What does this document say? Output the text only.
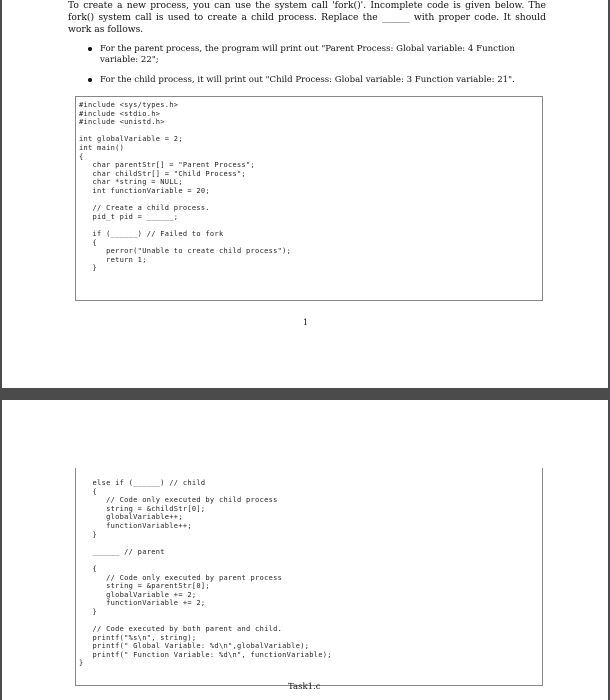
To create a new process, you can use the system call 'fork()'. Incomplete code is given below. The fork() system call is used to create a child process. Replace the ______ with proper code. It should work as follows.
For the parent process, the program will print out "Parent Process: Global variable: 4 Function variable: 22";
For the child process, it will print out "Child Process: Global variable: 3 Function variable: 21".
#include <sys/types.h>
#include <stdio.h>
#include <unistd.h>

int globalVariable = 2;
int main()
{
char parentStr[] = "Parent Process";
char childStr[] = "Child Process";
char *string = NULL;
int functionVariable = 20;

// Create a child process.
pid_t pid = ______;

if (______) // Failed to fork
{
perror("Unable to create child process");
return 1;
}
1
else if (______) // child
{
// Code only executed by child process
string = &childStr[0];
globalVariable++;
functionVariable++;
}

______ // parent

{
// Code only executed by parent process
string = &parentStr[0];
globalVariable += 2;
functionVariable += 2;
}

// Code executed by both parent and child.
printf("%s\n", string);
printf(" Global Variable: %d\n",globalVariable);
printf(" Function Variable: %d\n", functionVariable);
}
Task1.c
